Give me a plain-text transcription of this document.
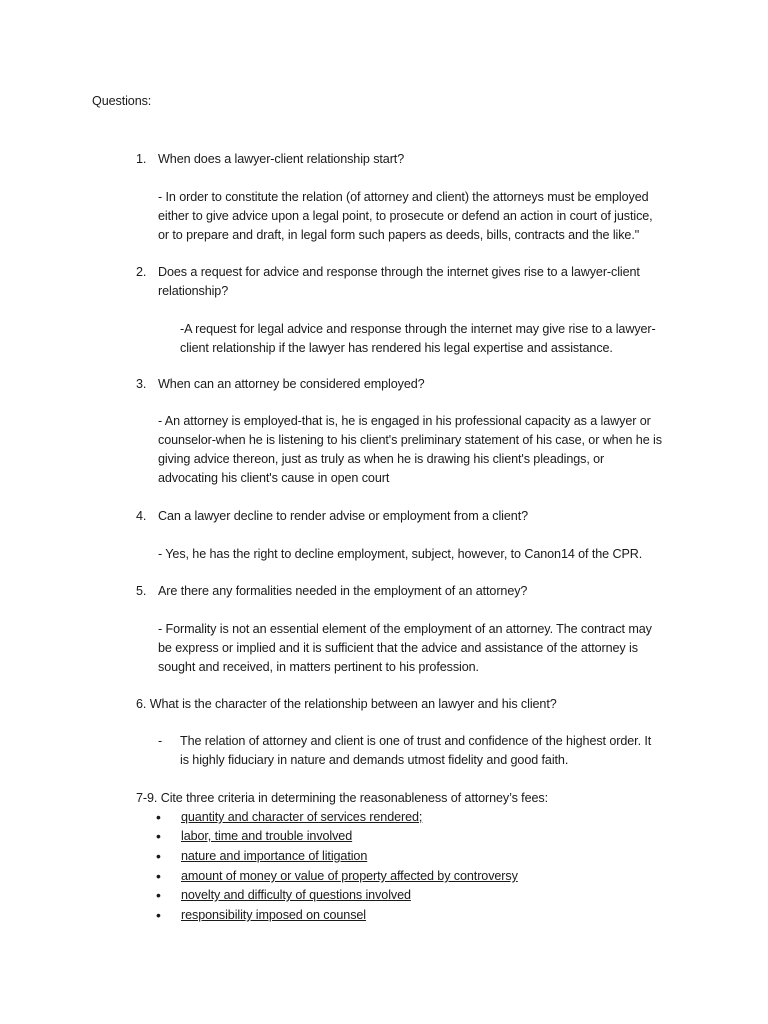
Questions:
1. When does a lawyer-client relationship start?
- In order to constitute the relation (of attorney and client) the attorneys must be employed
either to give advice upon a legal point, to prosecute or defend an action in court of justice,
or to prepare and draft, in legal form such papers as deeds, bills, contracts and the like."
2. Does a request for advice and response through the internet gives rise to a lawyer-client
relationship?
-A request for legal advice and response through the internet may give rise to a lawyer-
client relationship if the lawyer has rendered his legal expertise and assistance.
3. When can an attorney be considered employed?
- An attorney is employed-that is, he is engaged in his professional capacity as a lawyer or
counselor-when he is listening to his client's preliminary statement of his case, or when he is
giving advice thereon, just as truly as when he is drawing his client's pleadings, or
advocating his client's cause in open court
4. Can a lawyer decline to render advise or employment from a client?
- Yes, he has the right to decline employment, subject, however, to Canon14 of the CPR.
5. Are there any formalities needed in the employment of an attorney?
- Formality is not an essential element of the employment of an attorney. The contract may
be express or implied and it is sufficient that the advice and assistance of the attorney is
sought and received, in matters pertinent to his profession.
6. What is the character of the relationship between an lawyer and his client?
- The relation of attorney and client is one of trust and confidence of the highest order. It
is highly fiduciary in nature and demands utmost fidelity and good faith.
7-9. Cite three criteria in determining the reasonableness of attorney’s fees:
• quantity and character of services rendered;
• labor, time and trouble involved
• nature and importance of litigation
• amount of money or value of property affected by controversy
• novelty and difficulty of questions involved
• responsibility imposed on counsel
